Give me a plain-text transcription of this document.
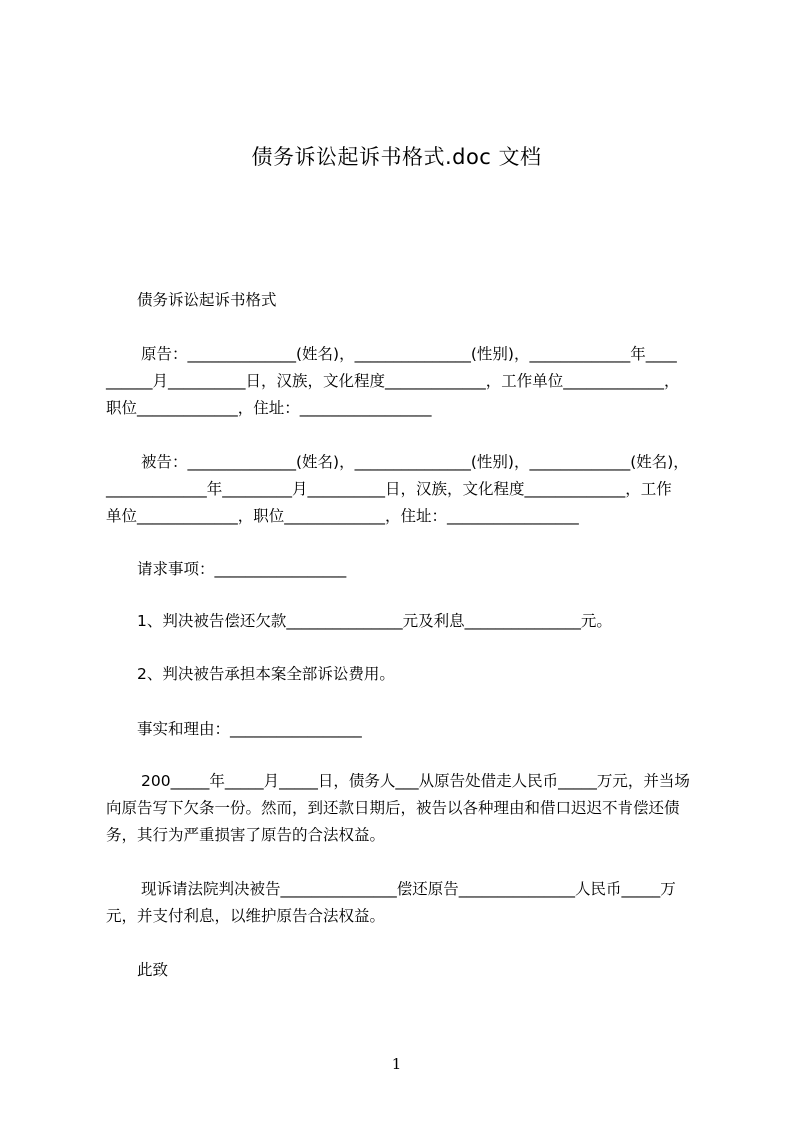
债务诉讼起诉书格式.doc 文档
债务诉讼起诉书格式
原告：______________(姓名)，_______________(性别)，_____________年____
______月__________日，汉族，文化程度_____________，工作单位_____________，
职位_____________，住址：_________________
被告：______________(姓名)，_______________(性别)，_____________(姓名)，
_____________年_________月__________日，汉族，文化程度_____________，工作
单位_____________，职位_____________，住址：_________________
请求事项：_________________
1、判决被告偿还欠款_______________元及利息_______________元。
2、判决被告承担本案全部诉讼费用。
事实和理由：_________________
200_____年_____月_____日，债务人___从原告处借走人民币_____万元，并当场
向原告写下欠条一份。然而，到还款日期后，被告以各种理由和借口迟迟不肯偿还债
务，其行为严重损害了原告的合法权益。
现诉请法院判决被告_______________偿还原告_______________人民币_____万
元，并支付利息，以维护原告合法权益。
此致
1
